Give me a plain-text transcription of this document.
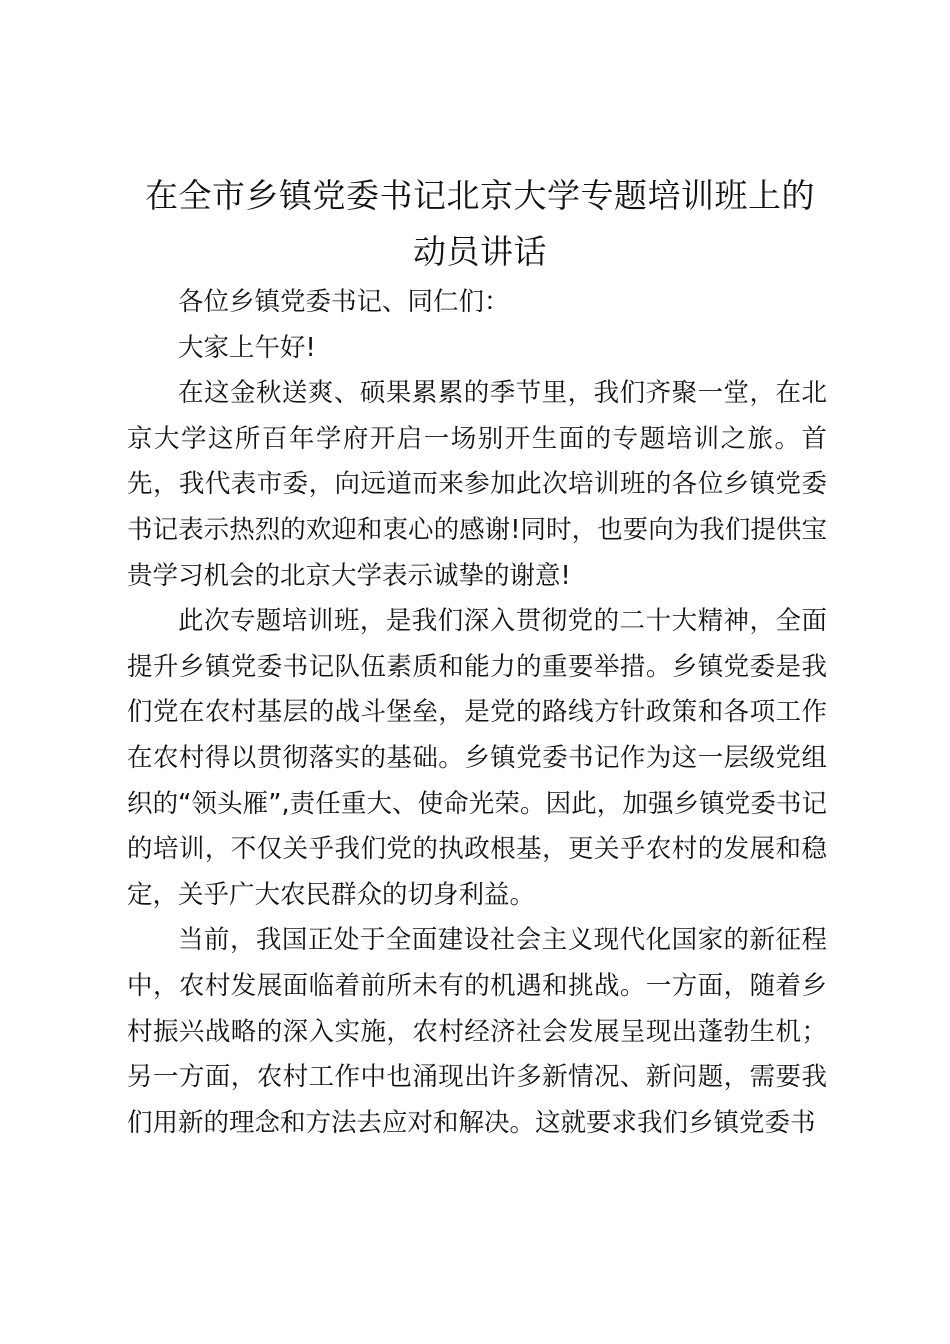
在全市乡镇党委书记北京大学专题培训班上的
动员讲话

各位乡镇党委书记、同仁们：

大家上午好!

在这金秋送爽、硕果累累的季节里，我们齐聚一堂，在北京大学这所百年学府开启一场别开生面的专题培训之旅。首先，我代表市委，向远道而来参加此次培训班的各位乡镇党委书记表示热烈的欢迎和衷心的感谢!同时，也要向为我们提供宝贵学习机会的北京大学表示诚挚的谢意!

此次专题培训班，是我们深入贯彻党的二十大精神，全面提升乡镇党委书记队伍素质和能力的重要举措。乡镇党委是我们党在农村基层的战斗堡垒，是党的路线方针政策和各项工作在农村得以贯彻落实的基础。乡镇党委书记作为这一层级党组织的“领头雁”,责任重大、使命光荣。因此，加强乡镇党委书记的培训，不仅关乎我们党的执政根基，更关乎农村的发展和稳定，关乎广大农民群众的切身利益。

当前，我国正处于全面建设社会主义现代化国家的新征程中，农村发展面临着前所未有的机遇和挑战。一方面，随着乡村振兴战略的深入实施，农村经济社会发展呈现出蓬勃生机；另一方面，农村工作中也涌现出许多新情况、新问题，需要我们用新的理念和方法去应对和解决。这就要求我们乡镇党委书
